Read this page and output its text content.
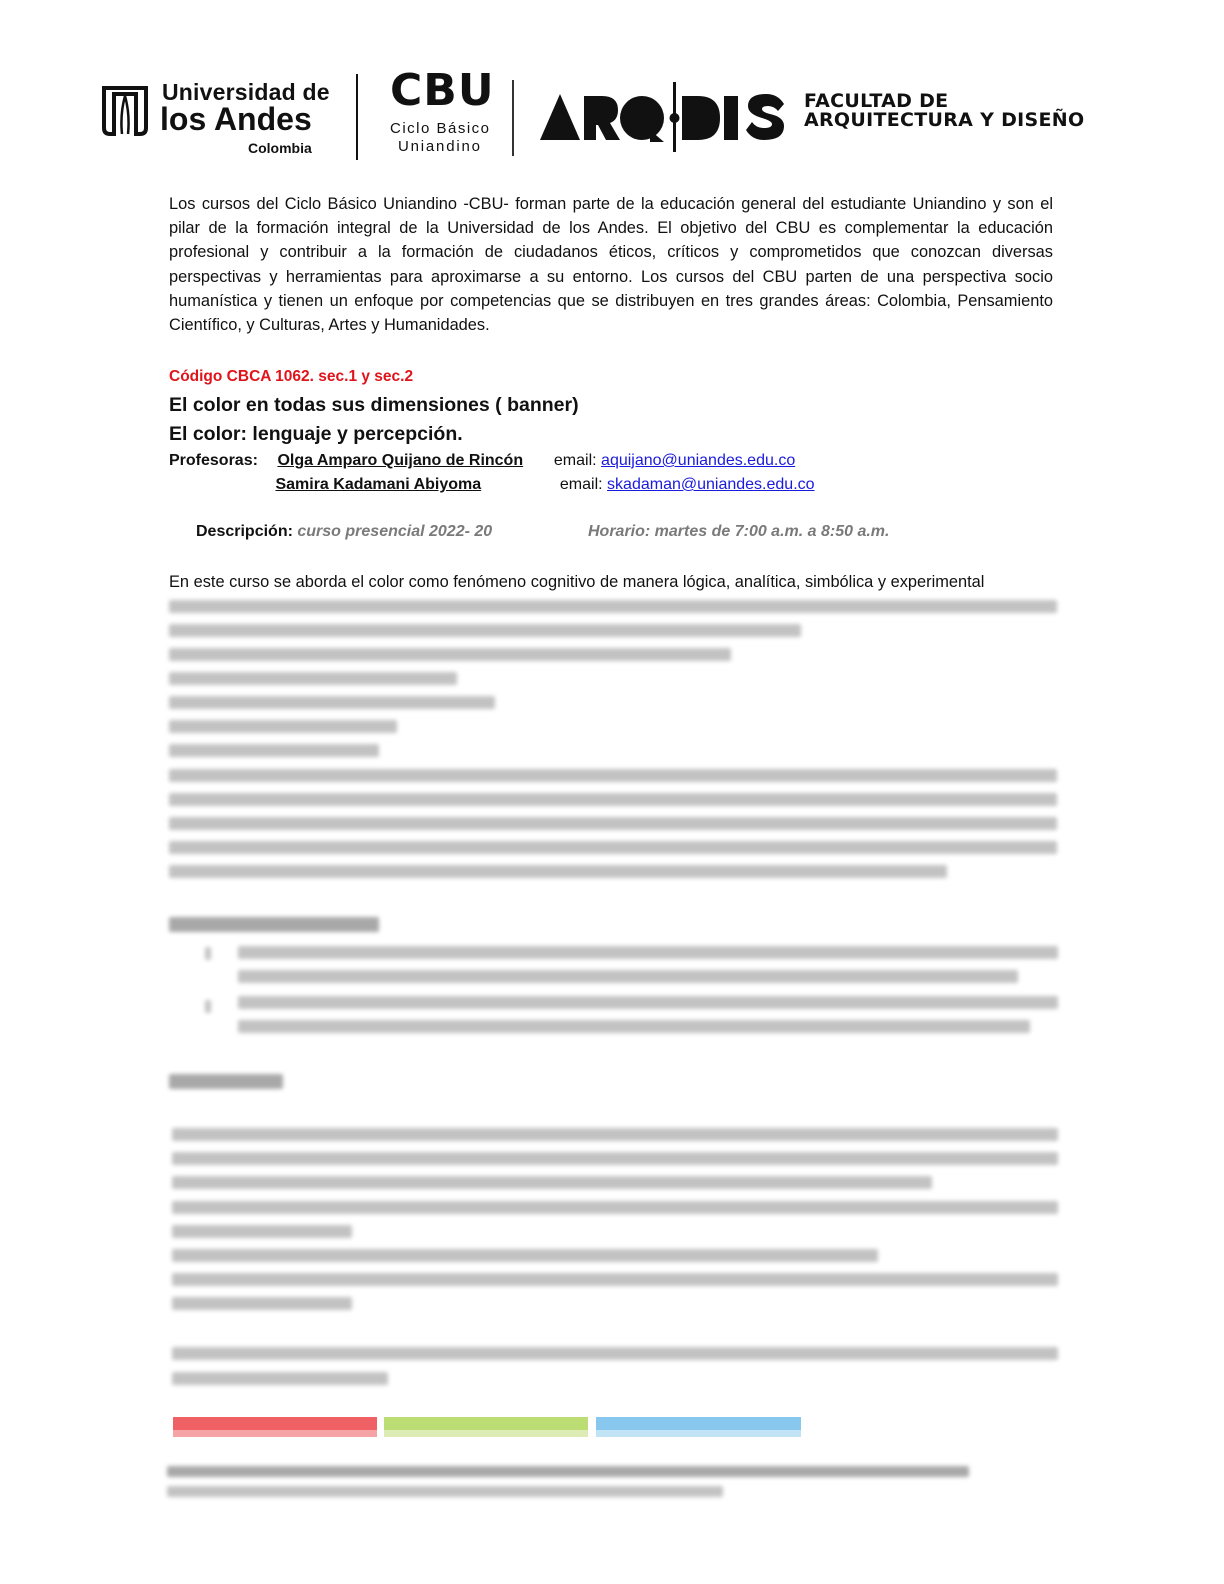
Universidad de
los Andes
Colombia
CBU
Ciclo Básico
Uniandino
FACULTAD DE
ARQUITECTURA Y DISEÑO
Los cursos del Ciclo Básico Uniandino -CBU- forman parte de la educación general del estudiante Uniandino y son el pilar de la formación integral de la Universidad de los Andes. El objetivo del CBU es complementar la educación profesional y contribuir a la formación de ciudadanos éticos, críticos y comprometidos que conozcan diversas perspectivas y herramientas para aproximarse a su entorno. Los cursos del CBU parten de una perspectiva socio humanística y tienen un enfoque por competencias que se distribuyen en tres grandes áreas: Colombia, Pensamiento Científico, y Culturas, Artes y Humanidades.
Código CBCA 1062. sec.1 y sec.2
El color en todas sus dimensiones ( banner)
El color: lenguaje y percepción.
Profesoras: Olga Amparo Quijano de Rincón email: aquijano@uniandes.edu.co
Samira Kadamani Abiyoma	email: skadaman@uniandes.edu.co
Descripción: curso presencial 2022- 20	Horario: martes de 7:00 a.m. a 8:50 a.m.
En este curso se aborda el color como fenómeno cognitivo de manera lógica, analítica, simbólica y experimental
